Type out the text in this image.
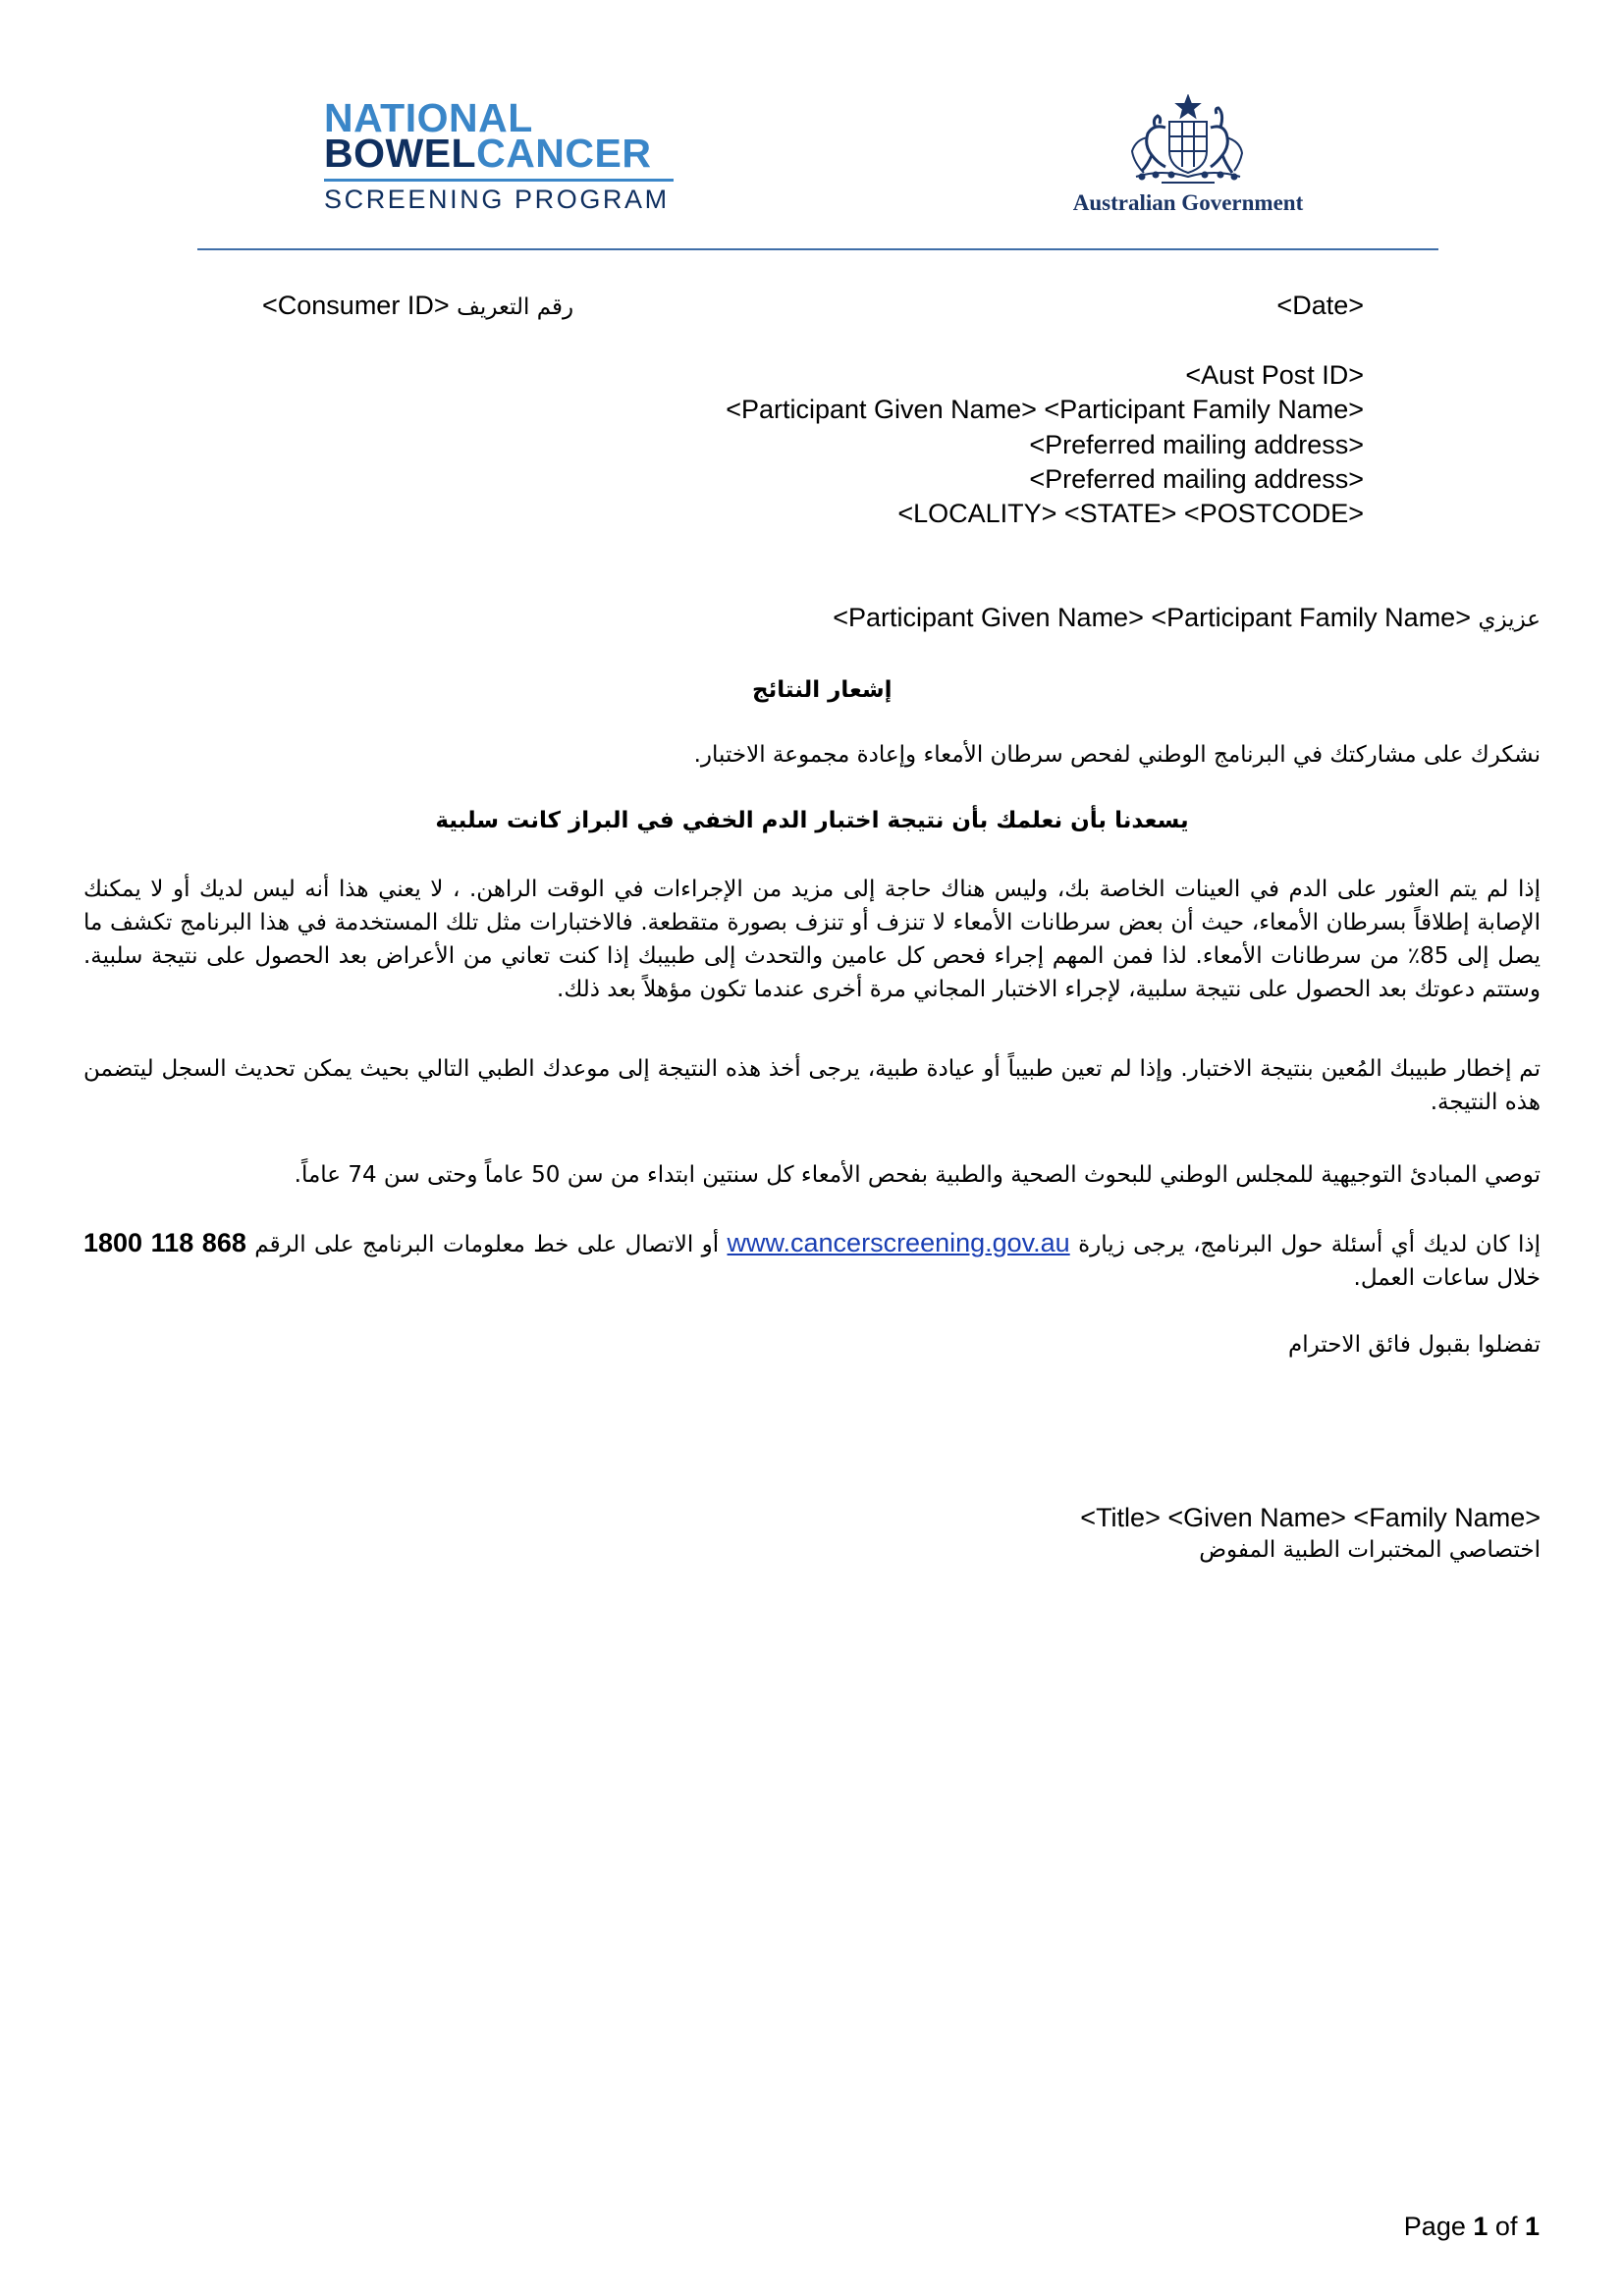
NATIONAL
BOWELCANCER
SCREENING PROGRAM	Australian Government
<Consumer ID> رقم التعريف	<Date>
<Aust Post ID>
<Participant Given Name> <Participant Family Name>
<Preferred mailing address>
<Preferred mailing address>
<LOCALITY> <STATE> <POSTCODE>
عزيزي <Participant Given Name> <Participant Family Name>
إشعار النتائج
نشكرك على مشاركتك في البرنامج الوطني لفحص سرطان الأمعاء وإعادة مجموعة الاختبار.
يسعدنا بأن نعلمك بأن نتيجة اختبار الدم الخفي في البراز كانت سلبية
إذا لم يتم العثور على الدم في العينات الخاصة بك، وليس هناك حاجة إلى مزيد من الإجراءات في الوقت الراهن. ، لا يعني هذا أنه ليس لديك أو لا يمكنك الإصابة إطلاقاً بسرطان الأمعاء، حيث أن بعض سرطانات الأمعاء لا تنزف أو تنزف بصورة متقطعة. فالاختبارات مثل تلك المستخدمة في هذا البرنامج تكشف ما يصل إلى 85٪ من سرطانات الأمعاء. لذا فمن المهم إجراء فحص كل عامين والتحدث إلى طبيبك إذا كنت تعاني من الأعراض بعد الحصول على نتيجة سلبية. وستتم دعوتك بعد الحصول على نتيجة سلبية، لإجراء الاختبار المجاني مرة أخرى عندما تكون مؤهلاً بعد ذلك.
تم إخطار طبيبك المُعين بنتيجة الاختبار. وإذا لم تعين طبيباً أو عيادة طبية، يرجى أخذ هذه النتيجة إلى موعدك الطبي التالي بحيث يمكن تحديث السجل ليتضمن هذه النتيجة.
توصي المبادئ التوجيهية للمجلس الوطني للبحوث الصحية والطبية بفحص الأمعاء كل سنتين ابتداء من سن 50 عاماً وحتى سن 74 عاماً.
إذا كان لديك أي أسئلة حول البرنامج، يرجى زيارة www.cancerscreening.gov.au أو الاتصال على خط معلومات البرنامج على الرقم 1800 118 868 خلال ساعات العمل.
تفضلوا بقبول فائق الاحترام
<Title> <Given Name> <Family Name>
اختصاصي المختبرات الطبية المفوض
Page 1 of 1
